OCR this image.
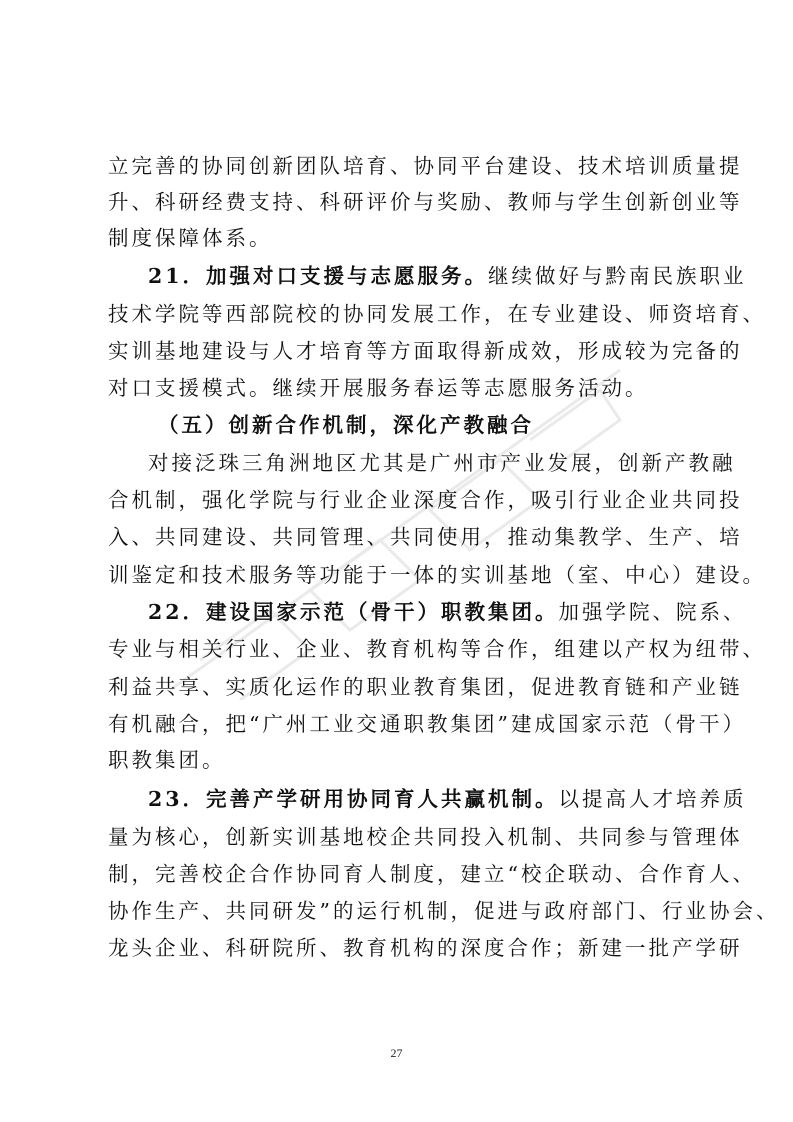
立完善的协同创新团队培育、协同平台建设、技术培训质量提
升、科研经费支持、科研评价与奖励、教师与学生创新创业等
制度保障体系。
21．加强对口支援与志愿服务。继续做好与黔南民族职业
技术学院等西部院校的协同发展工作，在专业建设、师资培育、
实训基地建设与人才培育等方面取得新成效，形成较为完备的
对口支援模式。继续开展服务春运等志愿服务活动。
（五）创新合作机制，深化产教融合
对接泛珠三角洲地区尤其是广州市产业发展，创新产教融
合机制，强化学院与行业企业深度合作，吸引行业企业共同投
入、共同建设、共同管理、共同使用，推动集教学、生产、培
训鉴定和技术服务等功能于一体的实训基地（室、中心）建设。
22．建设国家示范（骨干）职教集团。加强学院、院系、
专业与相关行业、企业、教育机构等合作，组建以产权为纽带、
利益共享、实质化运作的职业教育集团，促进教育链和产业链
有机融合，把“广州工业交通职教集团”建成国家示范（骨干）
职教集团。
23．完善产学研用协同育人共赢机制。以提高人才培养质
量为核心，创新实训基地校企共同投入机制、共同参与管理体
制，完善校企合作协同育人制度，建立“校企联动、合作育人、
协作生产、共同研发”的运行机制，促进与政府部门、行业协会、
龙头企业、科研院所、教育机构的深度合作；新建一批产学研
27
